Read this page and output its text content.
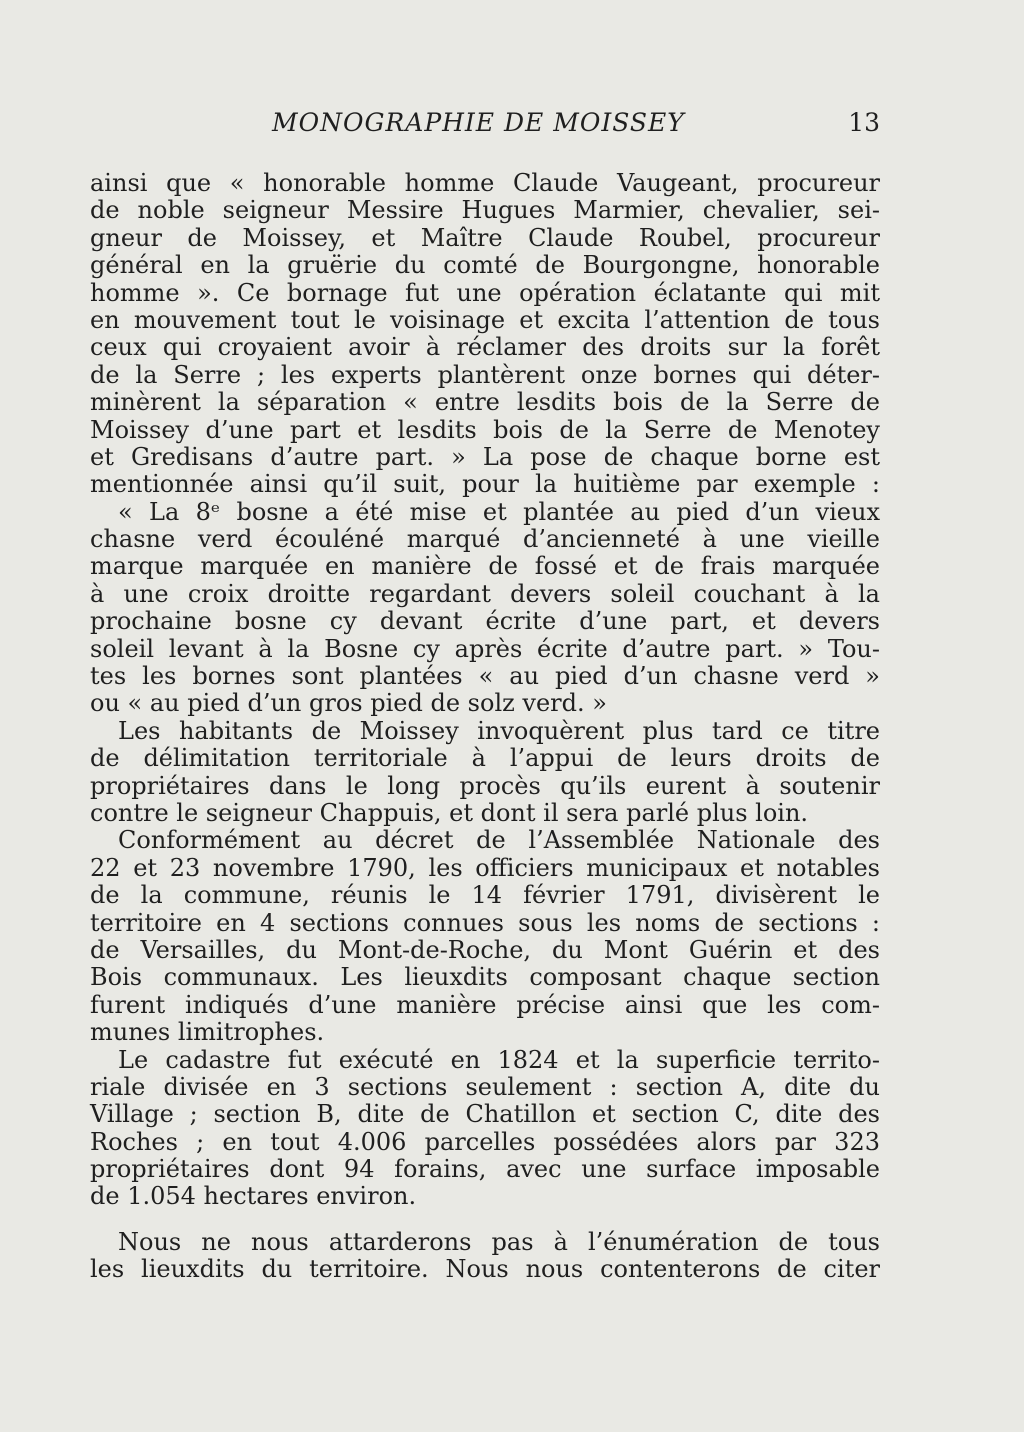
MONOGRAPHIE DE MOISSEY	13
ainsi que « honorable homme Claude Vaugeant, procureur
de noble seigneur Messire Hugues Marmier, chevalier, sei-
gneur de Moissey, et Maître Claude Roubel, procureur
général en la gruërie du comté de Bourgongne, honorable
homme ». Ce bornage fut une opération éclatante qui mit
en mouvement tout le voisinage et excita l’attention de tous
ceux qui croyaient avoir à réclamer des droits sur la forêt
de la Serre ; les experts plantèrent onze bornes qui déter-
minèrent la séparation « entre lesdits bois de la Serre de
Moissey d’une part et lesdits bois de la Serre de Menotey
et Gredisans d’autre part. » La pose de chaque borne est
mentionnée ainsi qu’il suit, pour la huitième par exemple :
« La 8ᵉ bosne a été mise et plantée au pied d’un vieux
chasne verd écouléné marqué d’ancienneté à une vieille
marque marquée en manière de fossé et de frais marquée
à une croix droitte regardant devers soleil couchant à la
prochaine bosne cy devant écrite d’une part, et devers
soleil levant à la Bosne cy après écrite d’autre part. » Tou-
tes les bornes sont plantées « au pied d’un chasne verd »
ou « au pied d’un gros pied de solz verd. »
Les habitants de Moissey invoquèrent plus tard ce titre
de délimitation territoriale à l’appui de leurs droits de
propriétaires dans le long procès qu’ils eurent à soutenir
contre le seigneur Chappuis, et dont il sera parlé plus loin.
Conformément au décret de l’Assemblée Nationale des
22 et 23 novembre 1790, les officiers municipaux et notables
de la commune, réunis le 14 février 1791, divisèrent le
territoire en 4 sections connues sous les noms de sections :
de Versailles, du Mont-de-Roche, du Mont Guérin et des
Bois communaux. Les lieuxdits composant chaque section
furent indiqués d’une manière précise ainsi que les com-
munes limitrophes.
Le cadastre fut exécuté en 1824 et la superficie territo-
riale divisée en 3 sections seulement : section A, dite du
Village ; section B, dite de Chatillon et section C, dite des
Roches ; en tout 4.006 parcelles possédées alors par 323
propriétaires dont 94 forains, avec une surface imposable
de 1.054 hectares environ.
Nous ne nous attarderons pas à l’énumération de tous
les lieuxdits du territoire. Nous nous contenterons de citer
